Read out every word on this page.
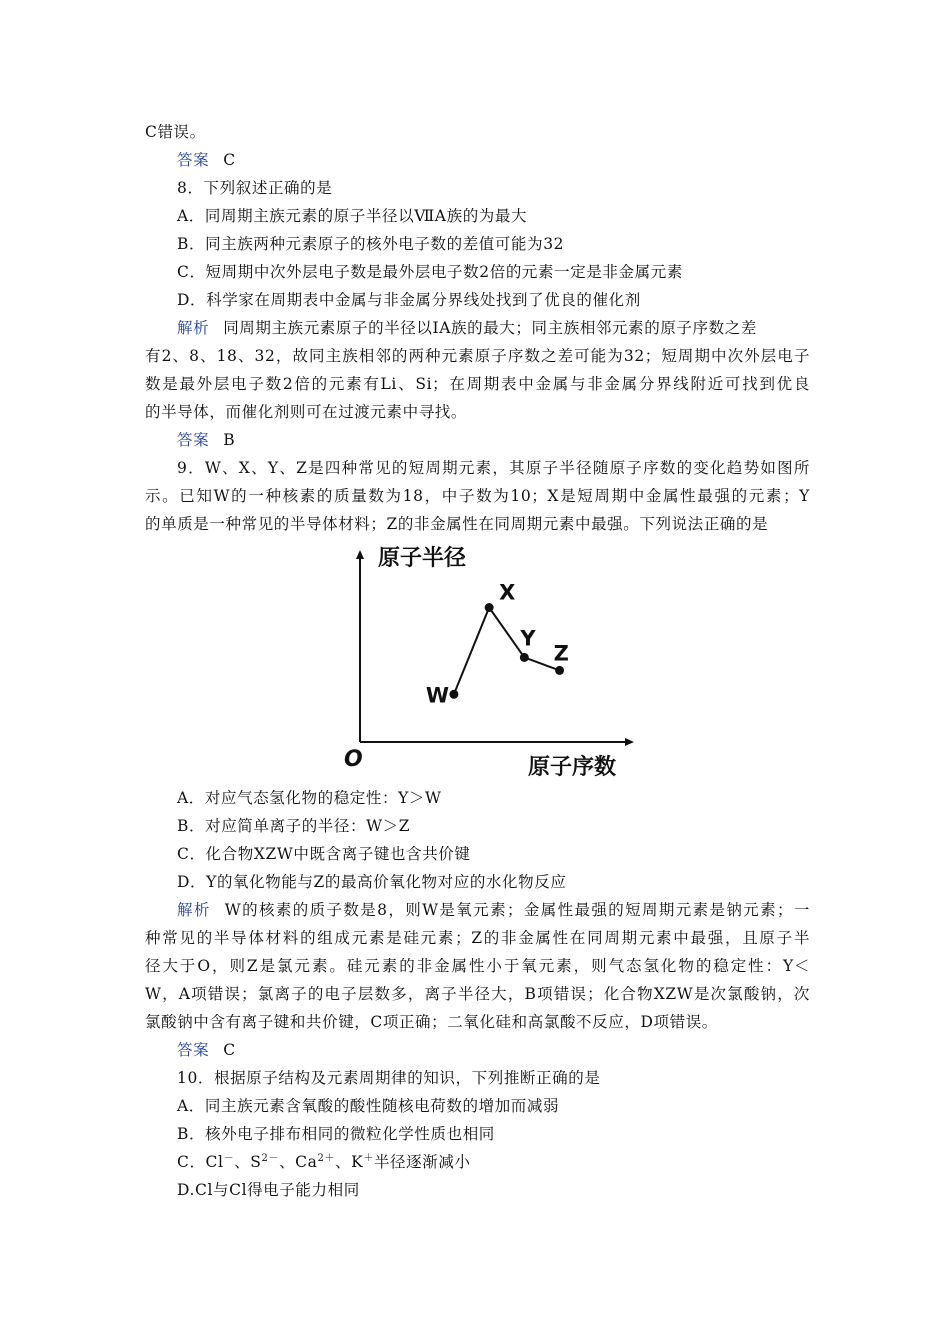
C错误。
答案 C
8．下列叙述正确的是
A．同周期主族元素的原子半径以ⅦA族的为最大
B．同主族两种元素原子的核外电子数的差值可能为32
C．短周期中次外层电子数是最外层电子数2倍的元素一定是非金属元素
D．科学家在周期表中金属与非金属分界线处找到了优良的催化剂
解析 同周期主族元素原子的半径以ⅠA族的最大；同主族相邻元素的原子序数之差
有2、8、18、32，故同主族相邻的两种元素原子序数之差可能为32；短周期中次外层电子
数是最外层电子数2倍的元素有Li、Si；在周期表中金属与非金属分界线附近可找到优良
的半导体，而催化剂则可在过渡元素中寻找。
答案 B
9．W、X、Y、Z是四种常见的短周期元素，其原子半径随原子序数的变化趋势如图所
示。已知W的一种核素的质量数为18，中子数为10；X是短周期中金属性最强的元素；Y
的单质是一种常见的半导体材料；Z的非金属性在同周期元素中最强。下列说法正确的是
原子半径
原子序数
O
W
X
Y
Z
A．对应气态氢化物的稳定性：Y＞W
B．对应简单离子的半径：W＞Z
C．化合物XZW中既含离子键也含共价键
D．Y的氧化物能与Z的最高价氧化物对应的水化物反应
解析 W的核素的质子数是8，则W是氧元素；金属性最强的短周期元素是钠元素；一
种常见的半导体材料的组成元素是硅元素；Z的非金属性在同周期元素中最强，且原子半
径大于O，则Z是氯元素。硅元素的非金属性小于氧元素，则气态氢化物的稳定性：Y＜
W，A项错误；氯离子的电子层数多，离子半径大，B项错误；化合物XZW是次氯酸钠，次
氯酸钠中含有离子键和共价键，C项正确；二氧化硅和高氯酸不反应，D项错误。
答案 C
10．根据原子结构及元素周期律的知识，下列推断正确的是
A．同主族元素含氧酸的酸性随核电荷数的增加而减弱
B．核外电子排布相同的微粒化学性质也相同
C．Cl－、$S^{2-}$、$Ca^{2+}$、K＋半径逐渐减小
D.Cl与Cl得电子能力相同
